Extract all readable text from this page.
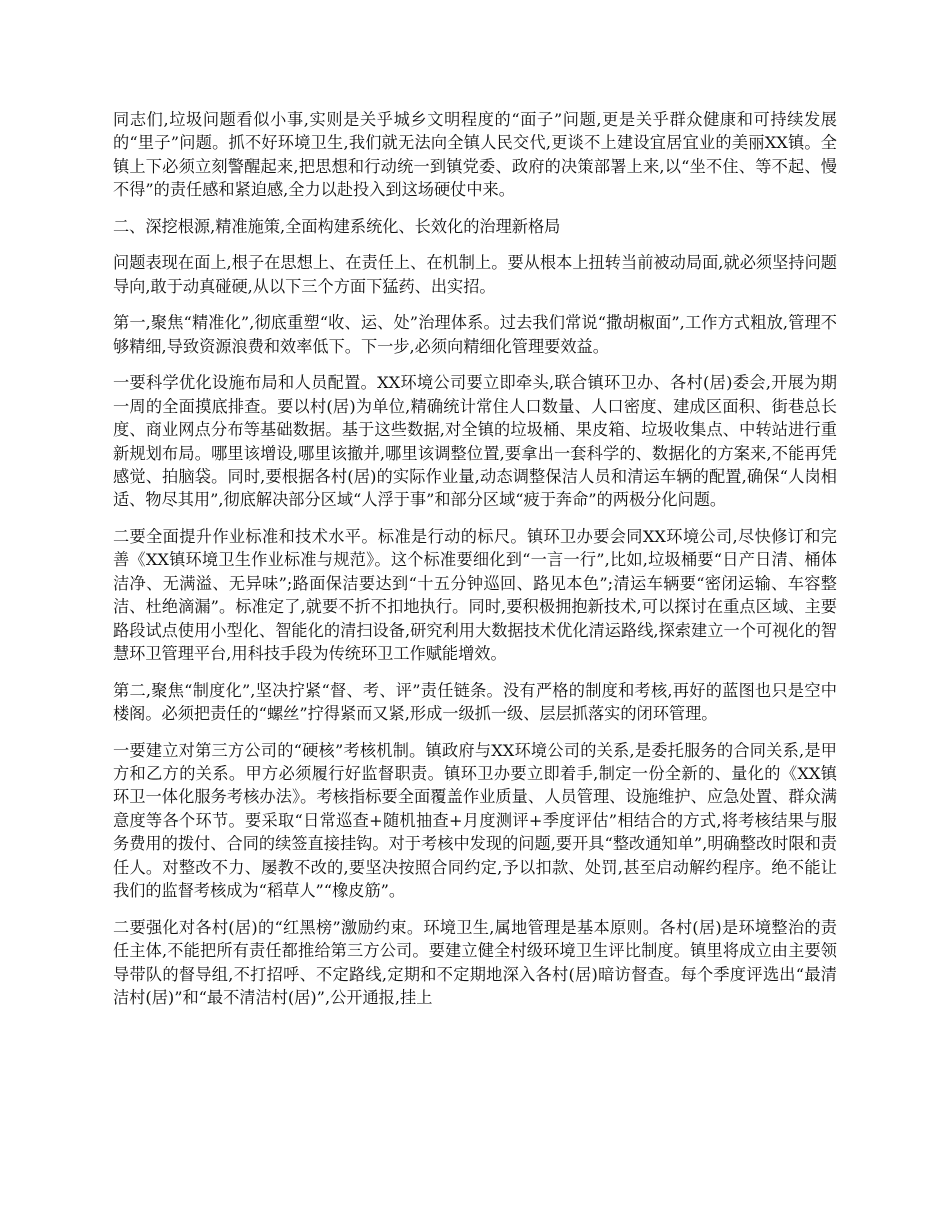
同志们,垃圾问题看似小事,实则是关乎城乡文明程度的“面子”问题,更是关乎群众健康和可持续发展的“里子”问题。抓不好环境卫生,我们就无法向全镇人民交代,更谈不上建设宜居宜业的美丽XX镇。全镇上下必须立刻警醒起来,把思想和行动统一到镇党委、政府的决策部署上来,以“坐不住、等不起、慢不得”的责任感和紧迫感,全力以赴投入到这场硬仗中来。

二、深挖根源,精准施策,全面构建系统化、长效化的治理新格局

问题表现在面上,根子在思想上、在责任上、在机制上。要从根本上扭转当前被动局面,就必须坚持问题导向,敢于动真碰硬,从以下三个方面下猛药、出实招。

第一,聚焦“精准化”,彻底重塑“收、运、处”治理体系。过去我们常说“撒胡椒面”,工作方式粗放,管理不够精细,导致资源浪费和效率低下。下一步,必须向精细化管理要效益。

一要科学优化设施布局和人员配置。XX环境公司要立即牵头,联合镇环卫办、各村(居)委会,开展为期一周的全面摸底排查。要以村(居)为单位,精确统计常住人口数量、人口密度、建成区面积、街巷总长度、商业网点分布等基础数据。基于这些数据,对全镇的垃圾桶、果皮箱、垃圾收集点、中转站进行重新规划布局。哪里该增设,哪里该撤并,哪里该调整位置,要拿出一套科学的、数据化的方案来,不能再凭感觉、拍脑袋。同时,要根据各村(居)的实际作业量,动态调整保洁人员和清运车辆的配置,确保“人岗相适、物尽其用”,彻底解决部分区域“人浮于事”和部分区域“疲于奔命”的两极分化问题。

二要全面提升作业标准和技术水平。标准是行动的标尺。镇环卫办要会同XX环境公司,尽快修订和完善《XX镇环境卫生作业标准与规范》。这个标准要细化到“一言一行”,比如,垃圾桶要“日产日清、桶体洁净、无满溢、无异味”;路面保洁要达到“十五分钟巡回、路见本色”;清运车辆要“密闭运输、车容整洁、杜绝滴漏”。标准定了,就要不折不扣地执行。同时,要积极拥抱新技术,可以探讨在重点区域、主要路段试点使用小型化、智能化的清扫设备,研究利用大数据技术优化清运路线,探索建立一个可视化的智慧环卫管理平台,用科技手段为传统环卫工作赋能增效。

第二,聚焦“制度化”,坚决拧紧“督、考、评”责任链条。没有严格的制度和考核,再好的蓝图也只是空中楼阁。必须把责任的“螺丝”拧得紧而又紧,形成一级抓一级、层层抓落实的闭环管理。

一要建立对第三方公司的“硬核”考核机制。镇政府与XX环境公司的关系,是委托服务的合同关系,是甲方和乙方的关系。甲方必须履行好监督职责。镇环卫办要立即着手,制定一份全新的、量化的《XX镇环卫一体化服务考核办法》。考核指标要全面覆盖作业质量、人员管理、设施维护、应急处置、群众满意度等各个环节。要采取“日常巡查+随机抽查+月度测评+季度评估”相结合的方式,将考核结果与服务费用的拨付、合同的续签直接挂钩。对于考核中发现的问题,要开具“整改通知单”,明确整改时限和责任人。对整改不力、屡教不改的,要坚决按照合同约定,予以扣款、处罚,甚至启动解约程序。绝不能让我们的监督考核成为“稻草人”“橡皮筋”。

二要强化对各村(居)的“红黑榜”激励约束。环境卫生,属地管理是基本原则。各村(居)是环境整治的责任主体,不能把所有责任都推给第三方公司。要建立健全村级环境卫生评比制度。镇里将成立由主要领导带队的督导组,不打招呼、不定路线,定期和不定期地深入各村(居)暗访督查。每个季度评选出“最清洁村(居)”和“最不清洁村(居)”,公开通报,挂上
